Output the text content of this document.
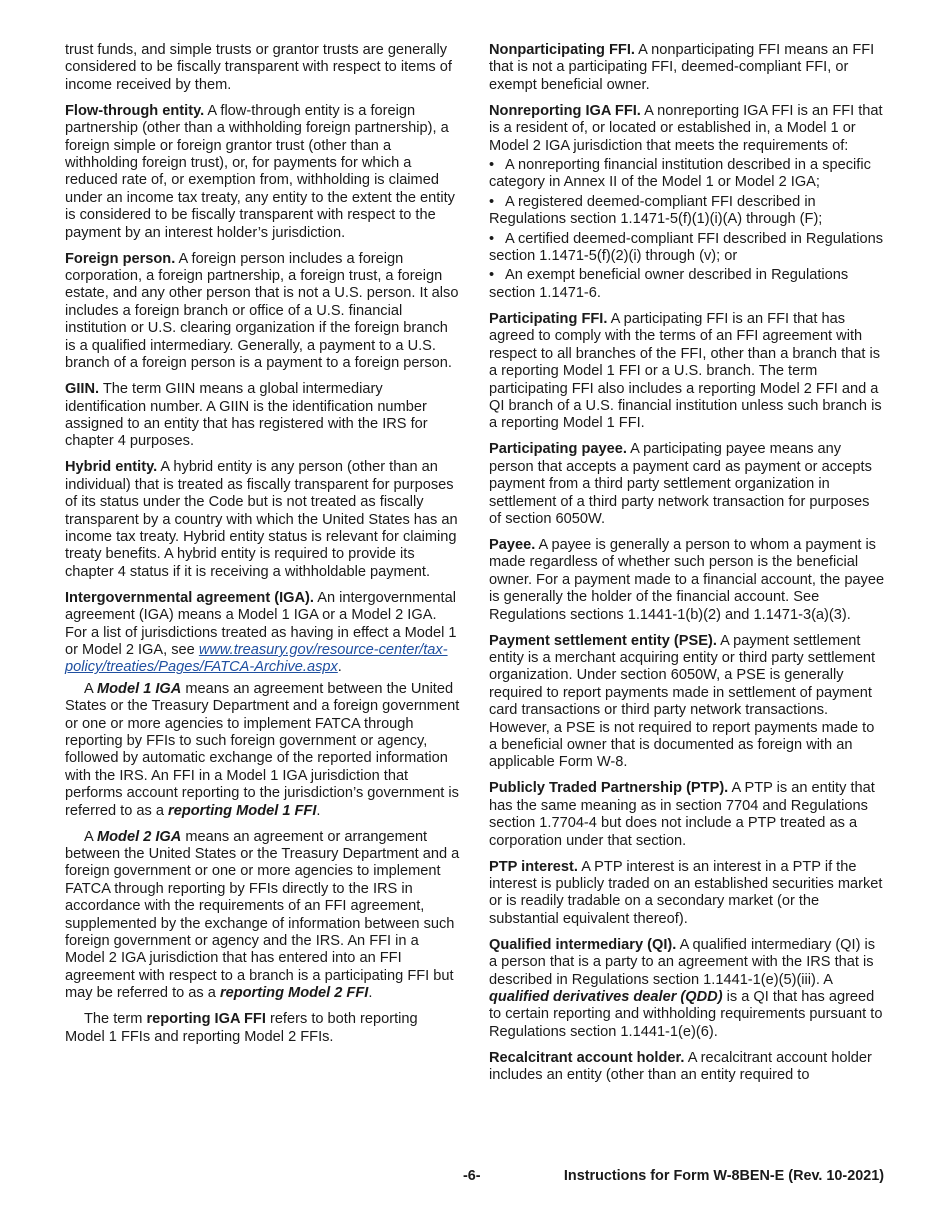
trust funds, and simple trusts or grantor trusts are generally considered to be fiscally transparent with respect to items of income received by them.

Flow-through entity. A flow-through entity is a foreign partnership (other than a withholding foreign partnership), a foreign simple or foreign grantor trust (other than a withholding foreign trust), or, for payments for which a reduced rate of, or exemption from, withholding is claimed under an income tax treaty, any entity to the extent the entity is considered to be fiscally transparent with respect to the payment by an interest holder’s jurisdiction.

Foreign person. A foreign person includes a foreign corporation, a foreign partnership, a foreign trust, a foreign estate, and any other person that is not a U.S. person. It also includes a foreign branch or office of a U.S. financial institution or U.S. clearing organization if the foreign branch is a qualified intermediary. Generally, a payment to a U.S. branch of a foreign person is a payment to a foreign person.

GIIN. The term GIIN means a global intermediary identification number. A GIIN is the identification number assigned to an entity that has registered with the IRS for chapter 4 purposes.

Hybrid entity. A hybrid entity is any person (other than an individual) that is treated as fiscally transparent for purposes of its status under the Code but is not treated as fiscally transparent by a country with which the United States has an income tax treaty. Hybrid entity status is relevant for claiming treaty benefits. A hybrid entity is required to provide its chapter 4 status if it is receiving a withholdable payment.

Intergovernmental agreement (IGA). An intergovernmental agreement (IGA) means a Model 1 IGA or a Model 2 IGA. For a list of jurisdictions treated as having in effect a Model 1 or Model 2 IGA, see www.treasury.gov/resource-center/tax-policy/treaties/Pages/FATCA-Archive.aspx.

A Model 1 IGA means an agreement between the United States or the Treasury Department and a foreign government or one or more agencies to implement FATCA through reporting by FFIs to such foreign government or agency, followed by automatic exchange of the reported information with the IRS. An FFI in a Model 1 IGA jurisdiction that performs account reporting to the jurisdiction’s government is referred to as a reporting Model 1 FFI.

A Model 2 IGA means an agreement or arrangement between the United States or the Treasury Department and a foreign government or one or more agencies to implement FATCA through reporting by FFIs directly to the IRS in accordance with the requirements of an FFI agreement, supplemented by the exchange of information between such foreign government or agency and the IRS. An FFI in a Model 2 IGA jurisdiction that has entered into an FFI agreement with respect to a branch is a participating FFI but may be referred to as a reporting Model 2 FFI.

The term reporting IGA FFI refers to both reporting Model 1 FFIs and reporting Model 2 FFIs.

Nonparticipating FFI. A nonparticipating FFI means an FFI that is not a participating FFI, deemed-compliant FFI, or exempt beneficial owner.

Nonreporting IGA FFI. A nonreporting IGA FFI is an FFI that is a resident of, or located or established in, a Model 1 or Model 2 IGA jurisdiction that meets the requirements of:

• A nonreporting financial institution described in a specific category in Annex II of the Model 1 or Model 2 IGA;

• A registered deemed-compliant FFI described in Regulations section 1.1471-5(f)(1)(i)(A) through (F);

• A certified deemed-compliant FFI described in Regulations section 1.1471-5(f)(2)(i) through (v); or

• An exempt beneficial owner described in Regulations section 1.1471-6.

Participating FFI. A participating FFI is an FFI that has agreed to comply with the terms of an FFI agreement with respect to all branches of the FFI, other than a branch that is a reporting Model 1 FFI or a U.S. branch. The term participating FFI also includes a reporting Model 2 FFI and a QI branch of a U.S. financial institution unless such branch is a reporting Model 1 FFI.

Participating payee. A participating payee means any person that accepts a payment card as payment or accepts payment from a third party settlement organization in settlement of a third party network transaction for purposes of section 6050W.

Payee. A payee is generally a person to whom a payment is made regardless of whether such person is the beneficial owner. For a payment made to a financial account, the payee is generally the holder of the financial account. See Regulations sections 1.1441-1(b)(2) and 1.1471-3(a)(3).

Payment settlement entity (PSE). A payment settlement entity is a merchant acquiring entity or third party settlement organization. Under section 6050W, a PSE is generally required to report payments made in settlement of payment card transactions or third party network transactions. However, a PSE is not required to report payments made to a beneficial owner that is documented as foreign with an applicable Form W-8.

Publicly Traded Partnership (PTP). A PTP is an entity that has the same meaning as in section 7704 and Regulations section 1.7704-4 but does not include a PTP treated as a corporation under that section.

PTP interest. A PTP interest is an interest in a PTP if the interest is publicly traded on an established securities market or is readily tradable on a secondary market (or the substantial equivalent thereof).

Qualified intermediary (QI). A qualified intermediary (QI) is a person that is a party to an agreement with the IRS that is described in Regulations section 1.1441-1(e)(5)(iii). A qualified derivatives dealer (QDD) is a QI that has agreed to certain reporting and withholding requirements pursuant to Regulations section 1.1441-1(e)(6).

Recalcitrant account holder. A recalcitrant account holder includes an entity (other than an entity required to

-6-	Instructions for Form W-8BEN-E (Rev. 10-2021)
